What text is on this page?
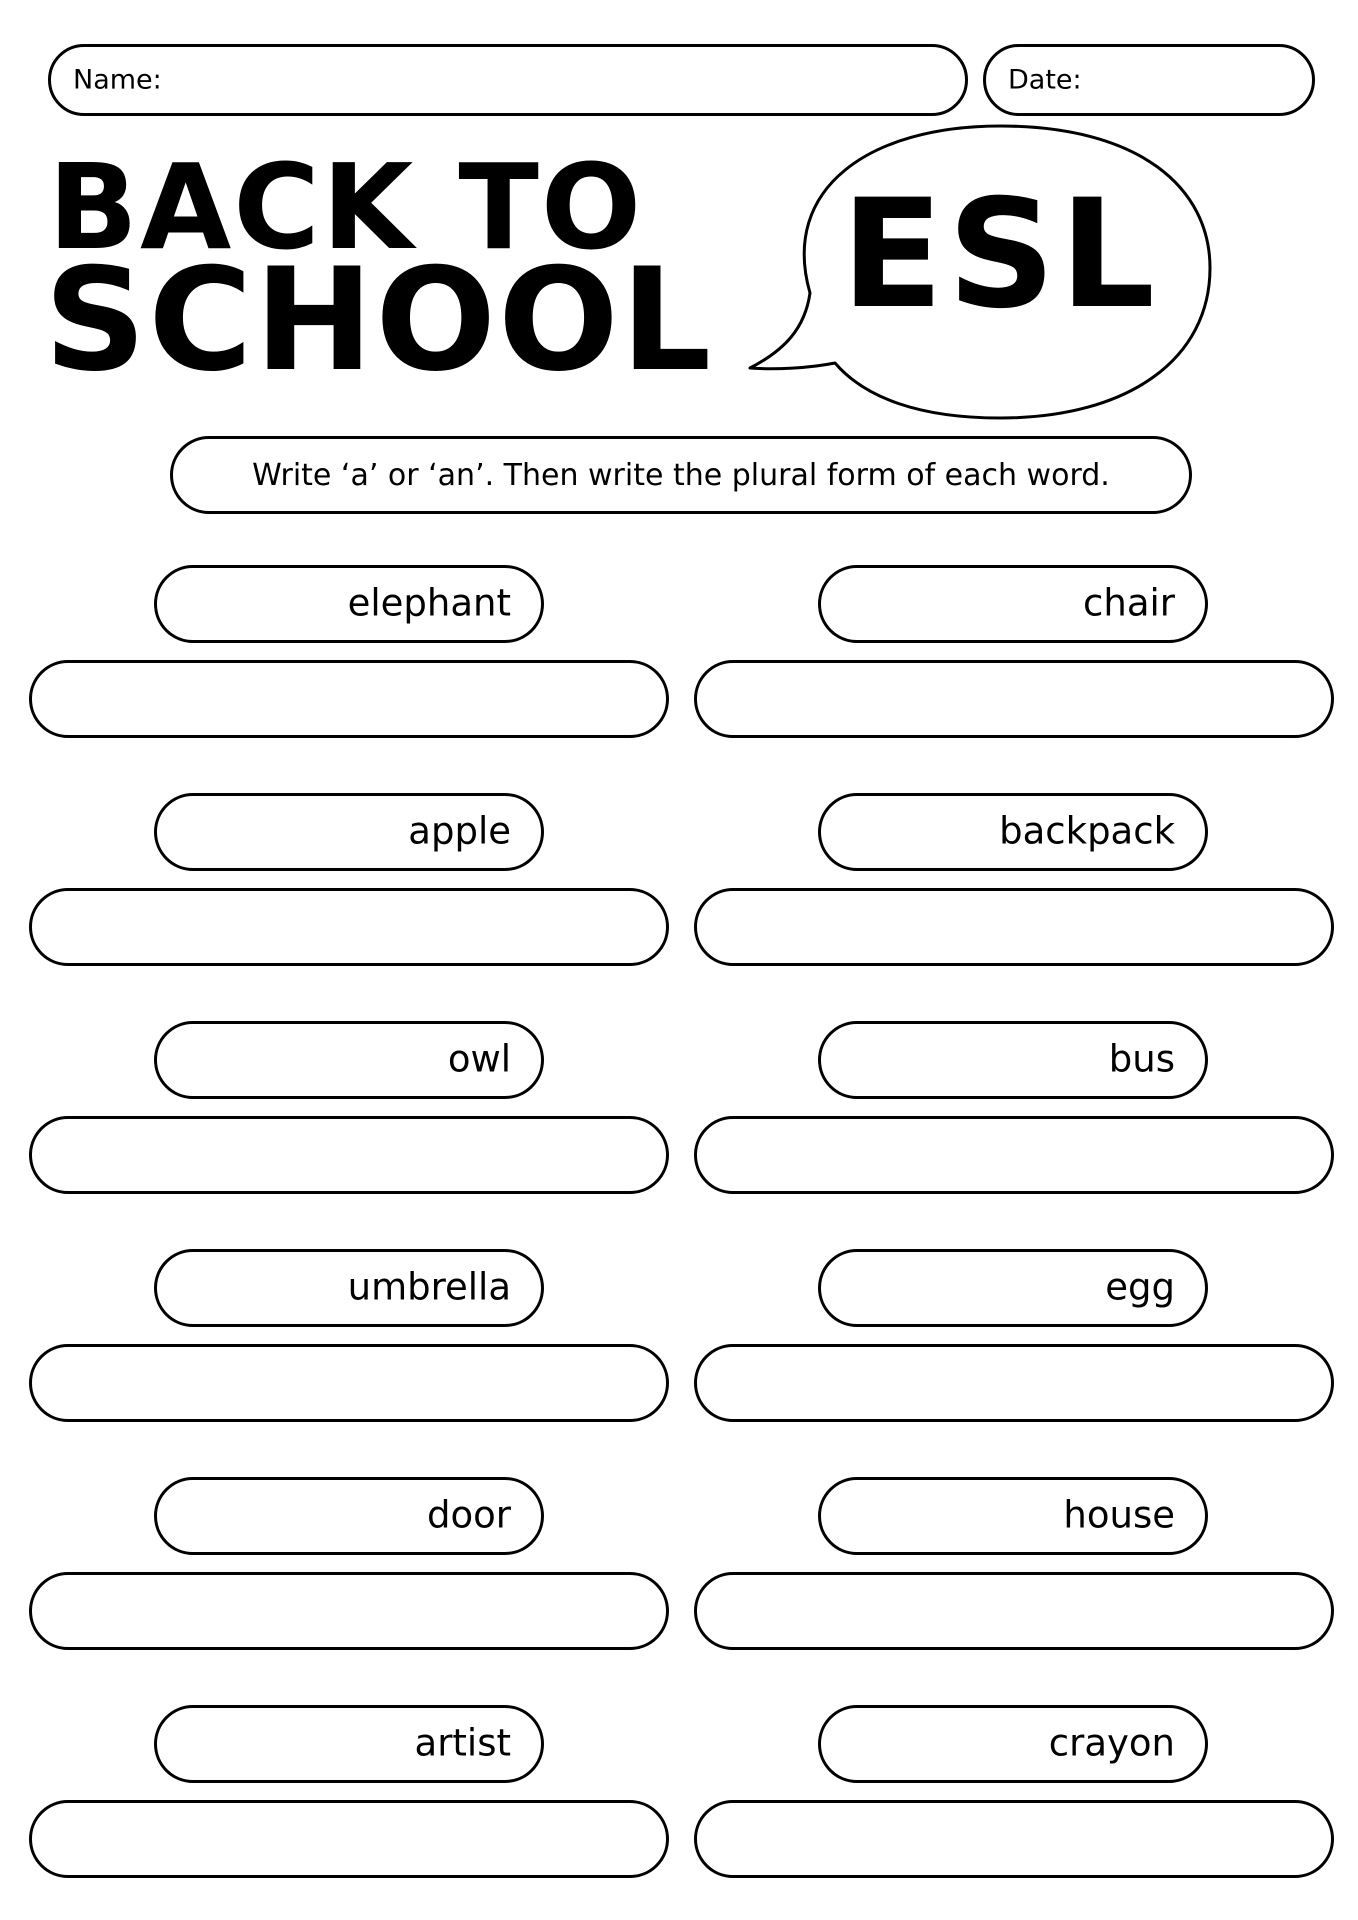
Name:	Date:
BACK TO
SCHOOL ESL
Write ‘a’ or ‘an’. Then write the plural form of each word.
elephant	chair
apple	backpack
owl	bus
umbrella	egg
door	house
artist	crayon
